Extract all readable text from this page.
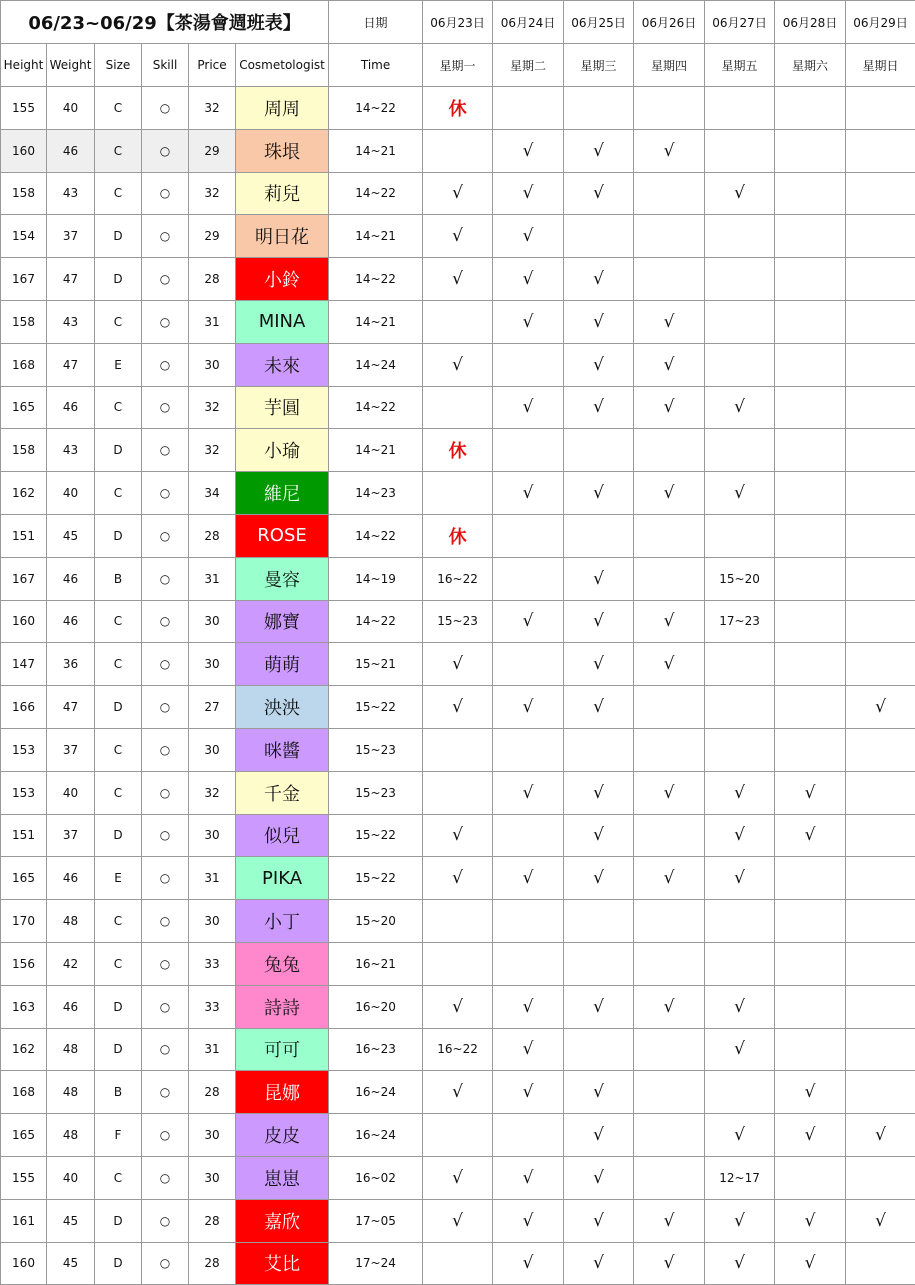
06/23~06/29【茶湯會週班表】						日期	06月23日	06月24日	06月25日	06月26日	06月27日	06月28日	06月29日
Height	Weight	Size	Skill	Price	Cosmetologist	Time	星期一	星期二	星期三	星期四	星期五	星期六	星期日
155	40	C	○	32	周周	14~22	休						
160	46	C	○	29	珠垠	14~21		√	√	√			
158	43	C	○	32	莉兒	14~22	√	√	√		√		
154	37	D	○	29	明日花	14~21	√	√					
167	47	D	○	28	小鈴	14~22	√	√	√				
158	43	C	○	31	MINA	14~21		√	√	√			
168	47	E	○	30	未來	14~24	√		√	√			
165	46	C	○	32	芋圓	14~22		√	√	√	√		
158	43	D	○	32	小瑜	14~21	休						
162	40	C	○	34	維尼	14~23		√	√	√	√		
151	45	D	○	28	ROSE	14~22	休						
167	46	B	○	31	曼容	14~19	16~22		√		15~20		
160	46	C	○	30	娜寶	14~22	15~23	√	√	√	17~23		
147	36	C	○	30	萌萌	15~21	√		√	√			
166	47	D	○	27	泱泱	15~22	√	√	√				√
153	37	C	○	30	咪醬	15~23							
153	40	C	○	32	千金	15~23		√	√	√	√	√	
151	37	D	○	30	似兒	15~22	√		√		√	√	
165	46	E	○	31	PIKA	15~22	√	√	√	√	√		
170	48	C	○	30	小丁	15~20							
156	42	C	○	33	兔兔	16~21							
163	46	D	○	33	詩詩	16~20	√	√	√	√	√		
162	48	D	○	31	可可	16~23	16~22	√			√		
168	48	B	○	28	昆娜	16~24	√	√	√			√	
165	48	F	○	30	皮皮	16~24			√		√	√	√
155	40	C	○	30	崽崽	16~02	√	√	√		12~17		
161	45	D	○	28	嘉欣	17~05	√	√	√	√	√	√	√
160	45	D	○	28	艾比	17~24		√	√	√	√	√	
